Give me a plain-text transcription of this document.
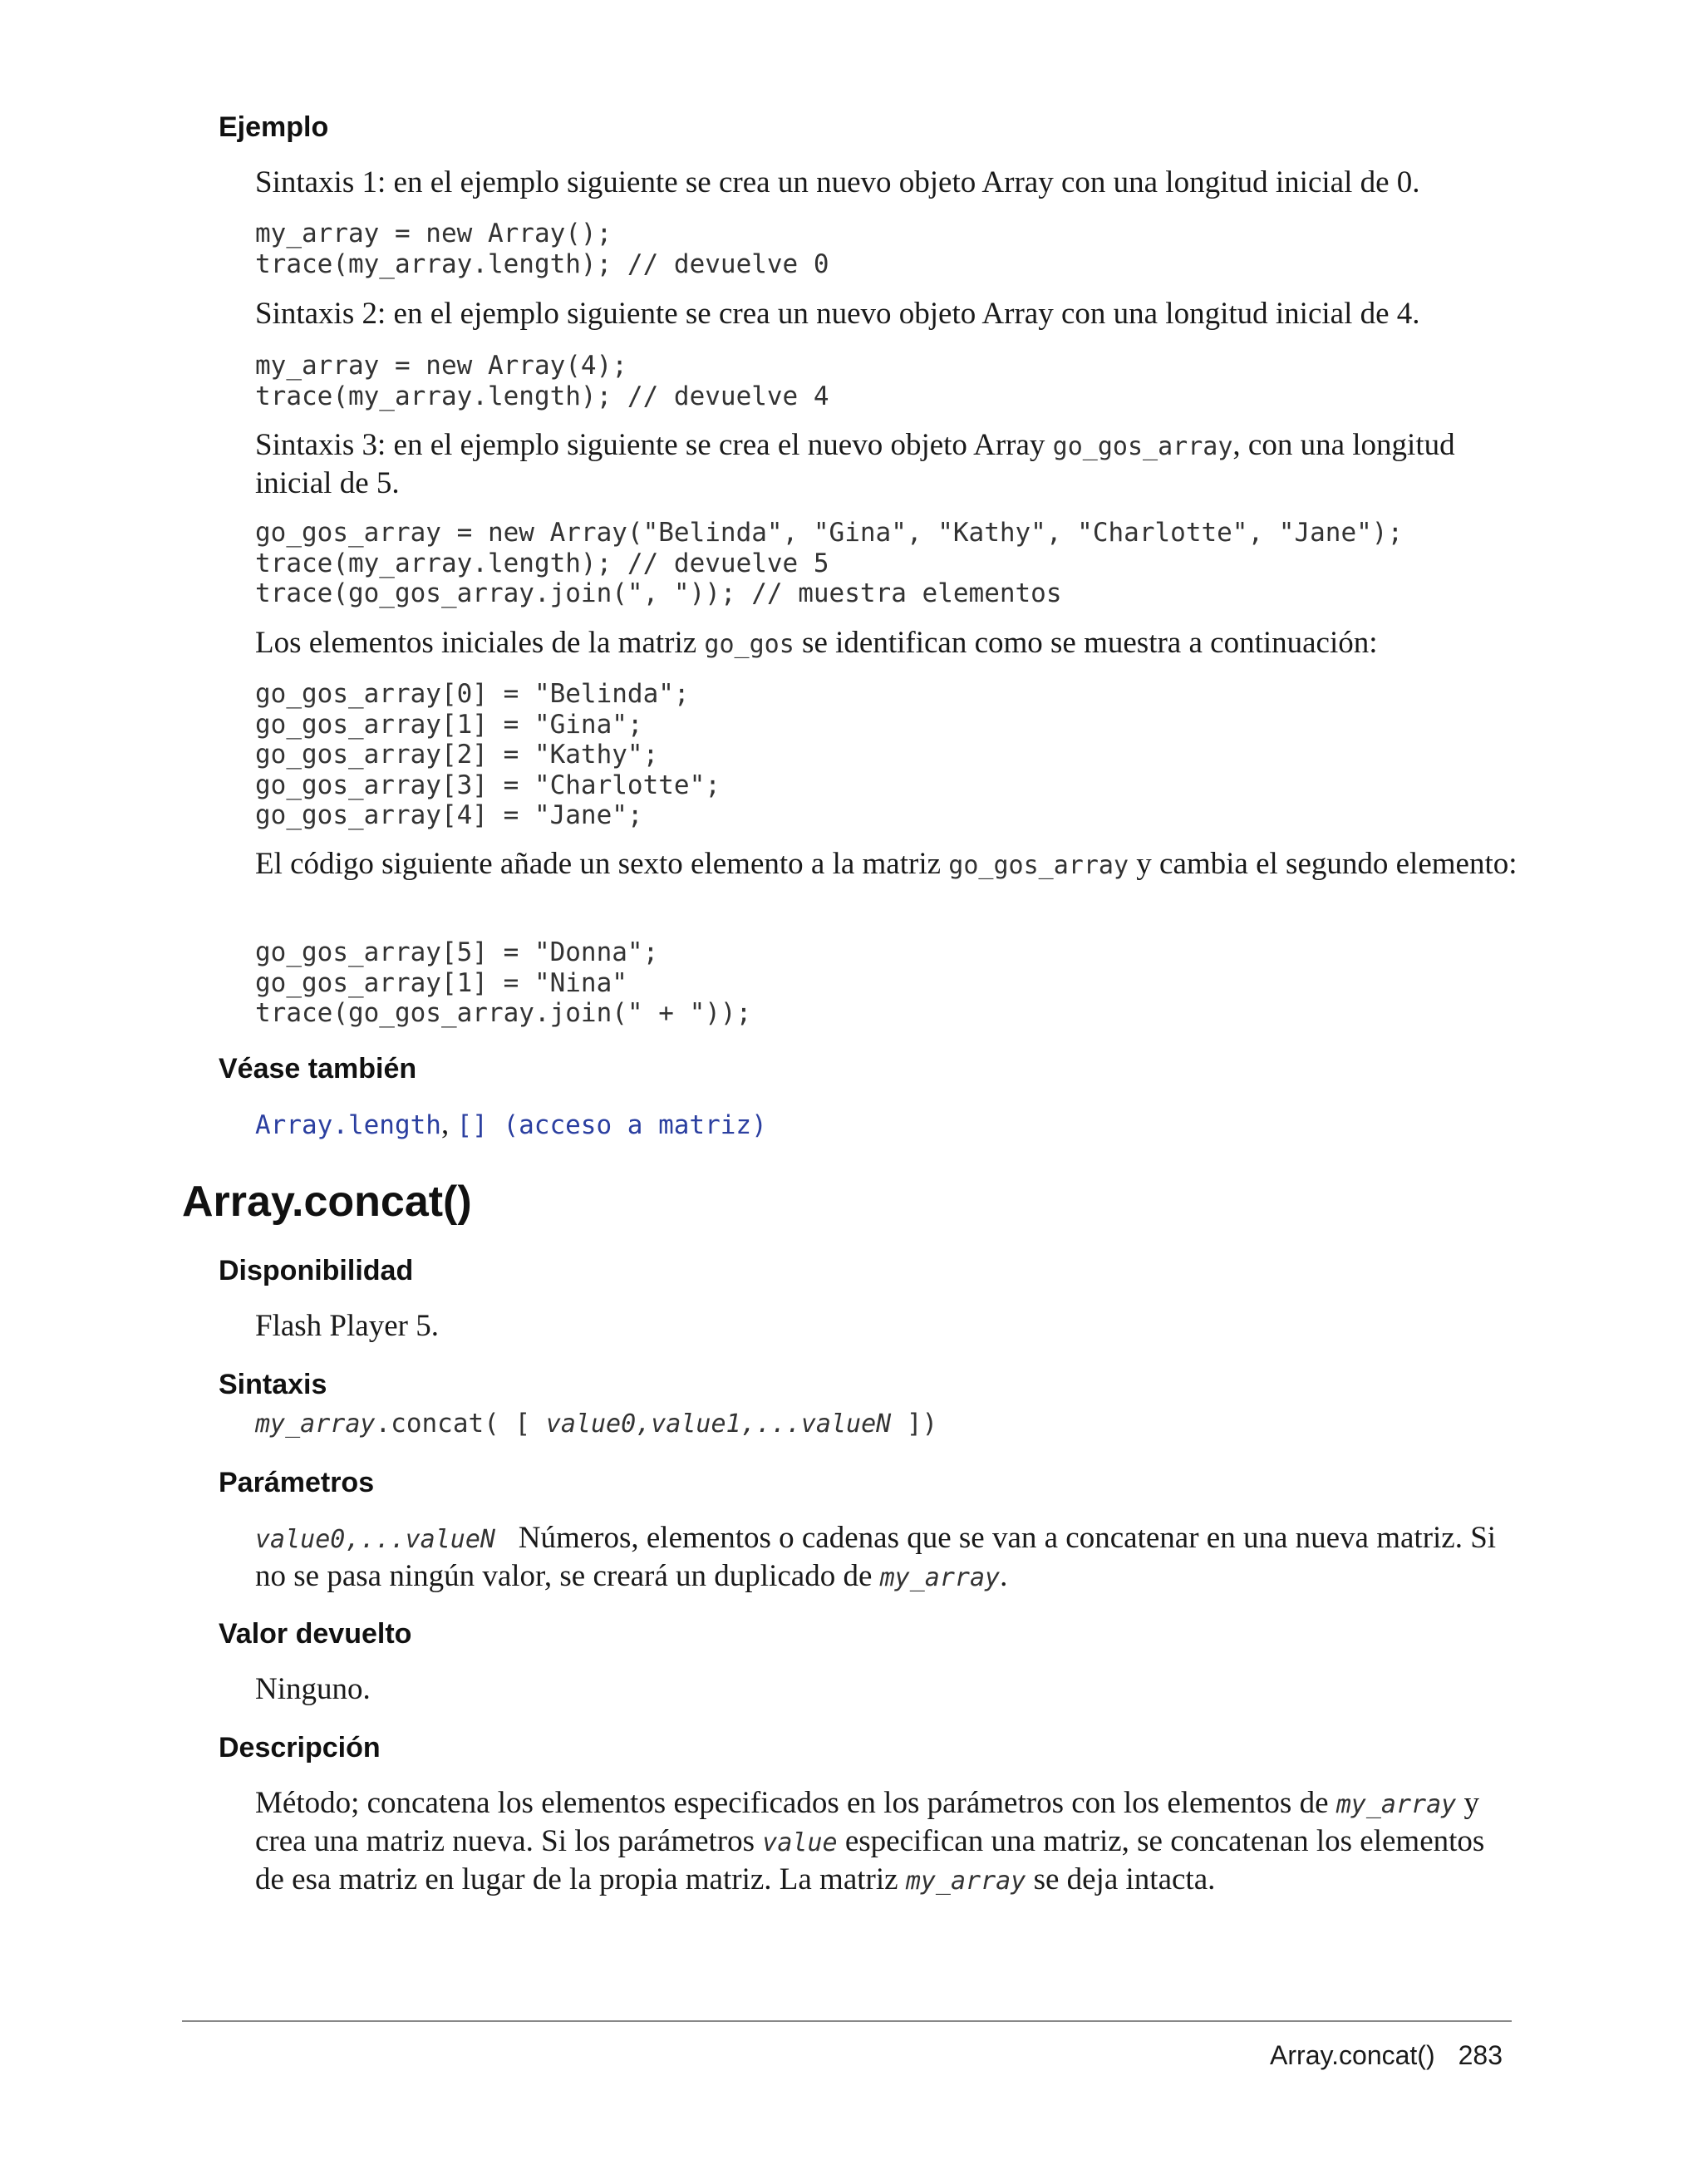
Ejemplo

Sintaxis 1: en el ejemplo siguiente se crea un nuevo objeto Array con una longitud inicial de 0.

my_array = new Array();
trace(my_array.length); // devuelve 0

Sintaxis 2: en el ejemplo siguiente se crea un nuevo objeto Array con una longitud inicial de 4.

my_array = new Array(4);
trace(my_array.length); // devuelve 4

Sintaxis 3: en el ejemplo siguiente se crea el nuevo objeto Array go_gos_array, con una longitud inicial de 5.

go_gos_array = new Array("Belinda", "Gina", "Kathy", "Charlotte", "Jane");
trace(my_array.length); // devuelve 5
trace(go_gos_array.join(", ")); // muestra elementos

Los elementos iniciales de la matriz go_gos se identifican como se muestra a continuación:

go_gos_array[0] = "Belinda";
go_gos_array[1] = "Gina";
go_gos_array[2] = "Kathy";
go_gos_array[3] = "Charlotte";
go_gos_array[4] = "Jane";

El código siguiente añade un sexto elemento a la matriz go_gos_array y cambia el segundo elemento:

go_gos_array[5] = "Donna";
go_gos_array[1] = "Nina"
trace(go_gos_array.join(" + "));
Véase también

Array.length, [] (acceso a matriz)

Array.concat()
Disponibilidad

Flash Player 5.

Sintaxis
my_array.concat( [ value0,value1,...valueN ])
Parámetros

value0,...valueN   Números, elementos o cadenas que se van a concatenar en una nueva matriz. Si no se pasa ningún valor, se creará un duplicado de my_array.

Valor devuelto

Ninguno.

Descripción

Método; concatena los elementos especificados en los parámetros con los elementos de my_array y crea una matriz nueva. Si los parámetros value especifican una matriz, se concatenan los elementos de esa matriz en lugar de la propia matriz. La matriz my_array se deja intacta.

Array.concat() 283
